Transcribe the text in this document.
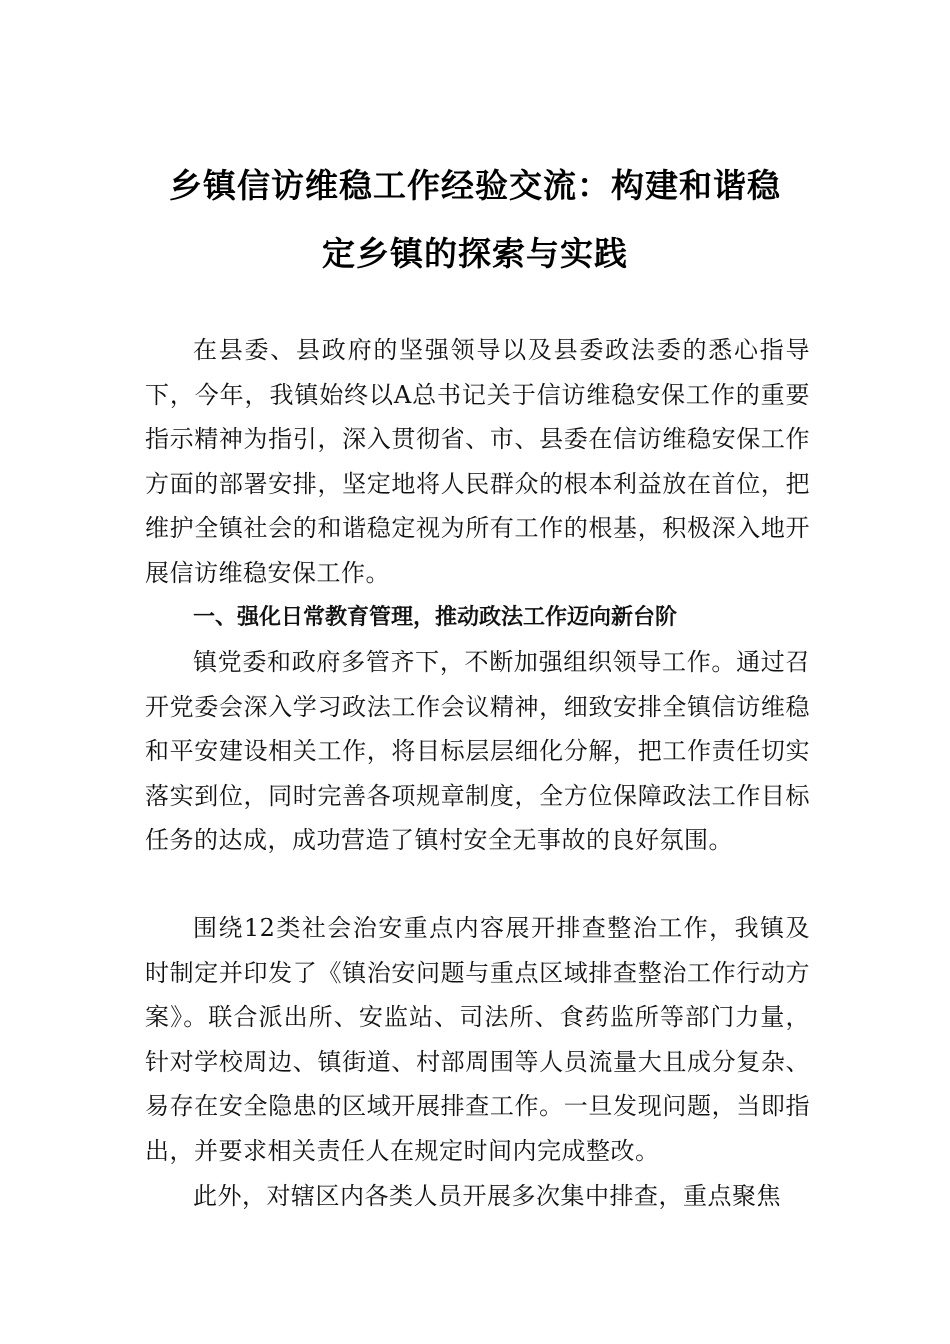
乡镇信访维稳工作经验交流：构建和谐稳
定乡镇的探索与实践

在县委、县政府的坚强领导以及县委政法委的悉心指导下，今年，我镇始终以A总书记关于信访维稳安保工作的重要指示精神为指引，深入贯彻省、市、县委在信访维稳安保工作方面的部署安排，坚定地将人民群众的根本利益放在首位，把维护全镇社会的和谐稳定视为所有工作的根基，积极深入地开展信访维稳安保工作。

一、强化日常教育管理，推动政法工作迈向新台阶

镇党委和政府多管齐下，不断加强组织领导工作。通过召开党委会深入学习政法工作会议精神，细致安排全镇信访维稳和平安建设相关工作，将目标层层细化分解，把工作责任切实落实到位，同时完善各项规章制度，全方位保障政法工作目标任务的达成，成功营造了镇村安全无事故的良好氛围。

围绕12类社会治安重点内容展开排查整治工作，我镇及时制定并印发了《镇治安问题与重点区域排查整治工作行动方案》。联合派出所、安监站、司法所、食药监所等部门力量，针对学校周边、镇街道、村部周围等人员流量大且成分复杂、易存在安全隐患的区域开展排查工作。一旦发现问题，当即指出，并要求相关责任人在规定时间内完成整改。

此外，对辖区内各类人员开展多次集中排查，重点聚焦
